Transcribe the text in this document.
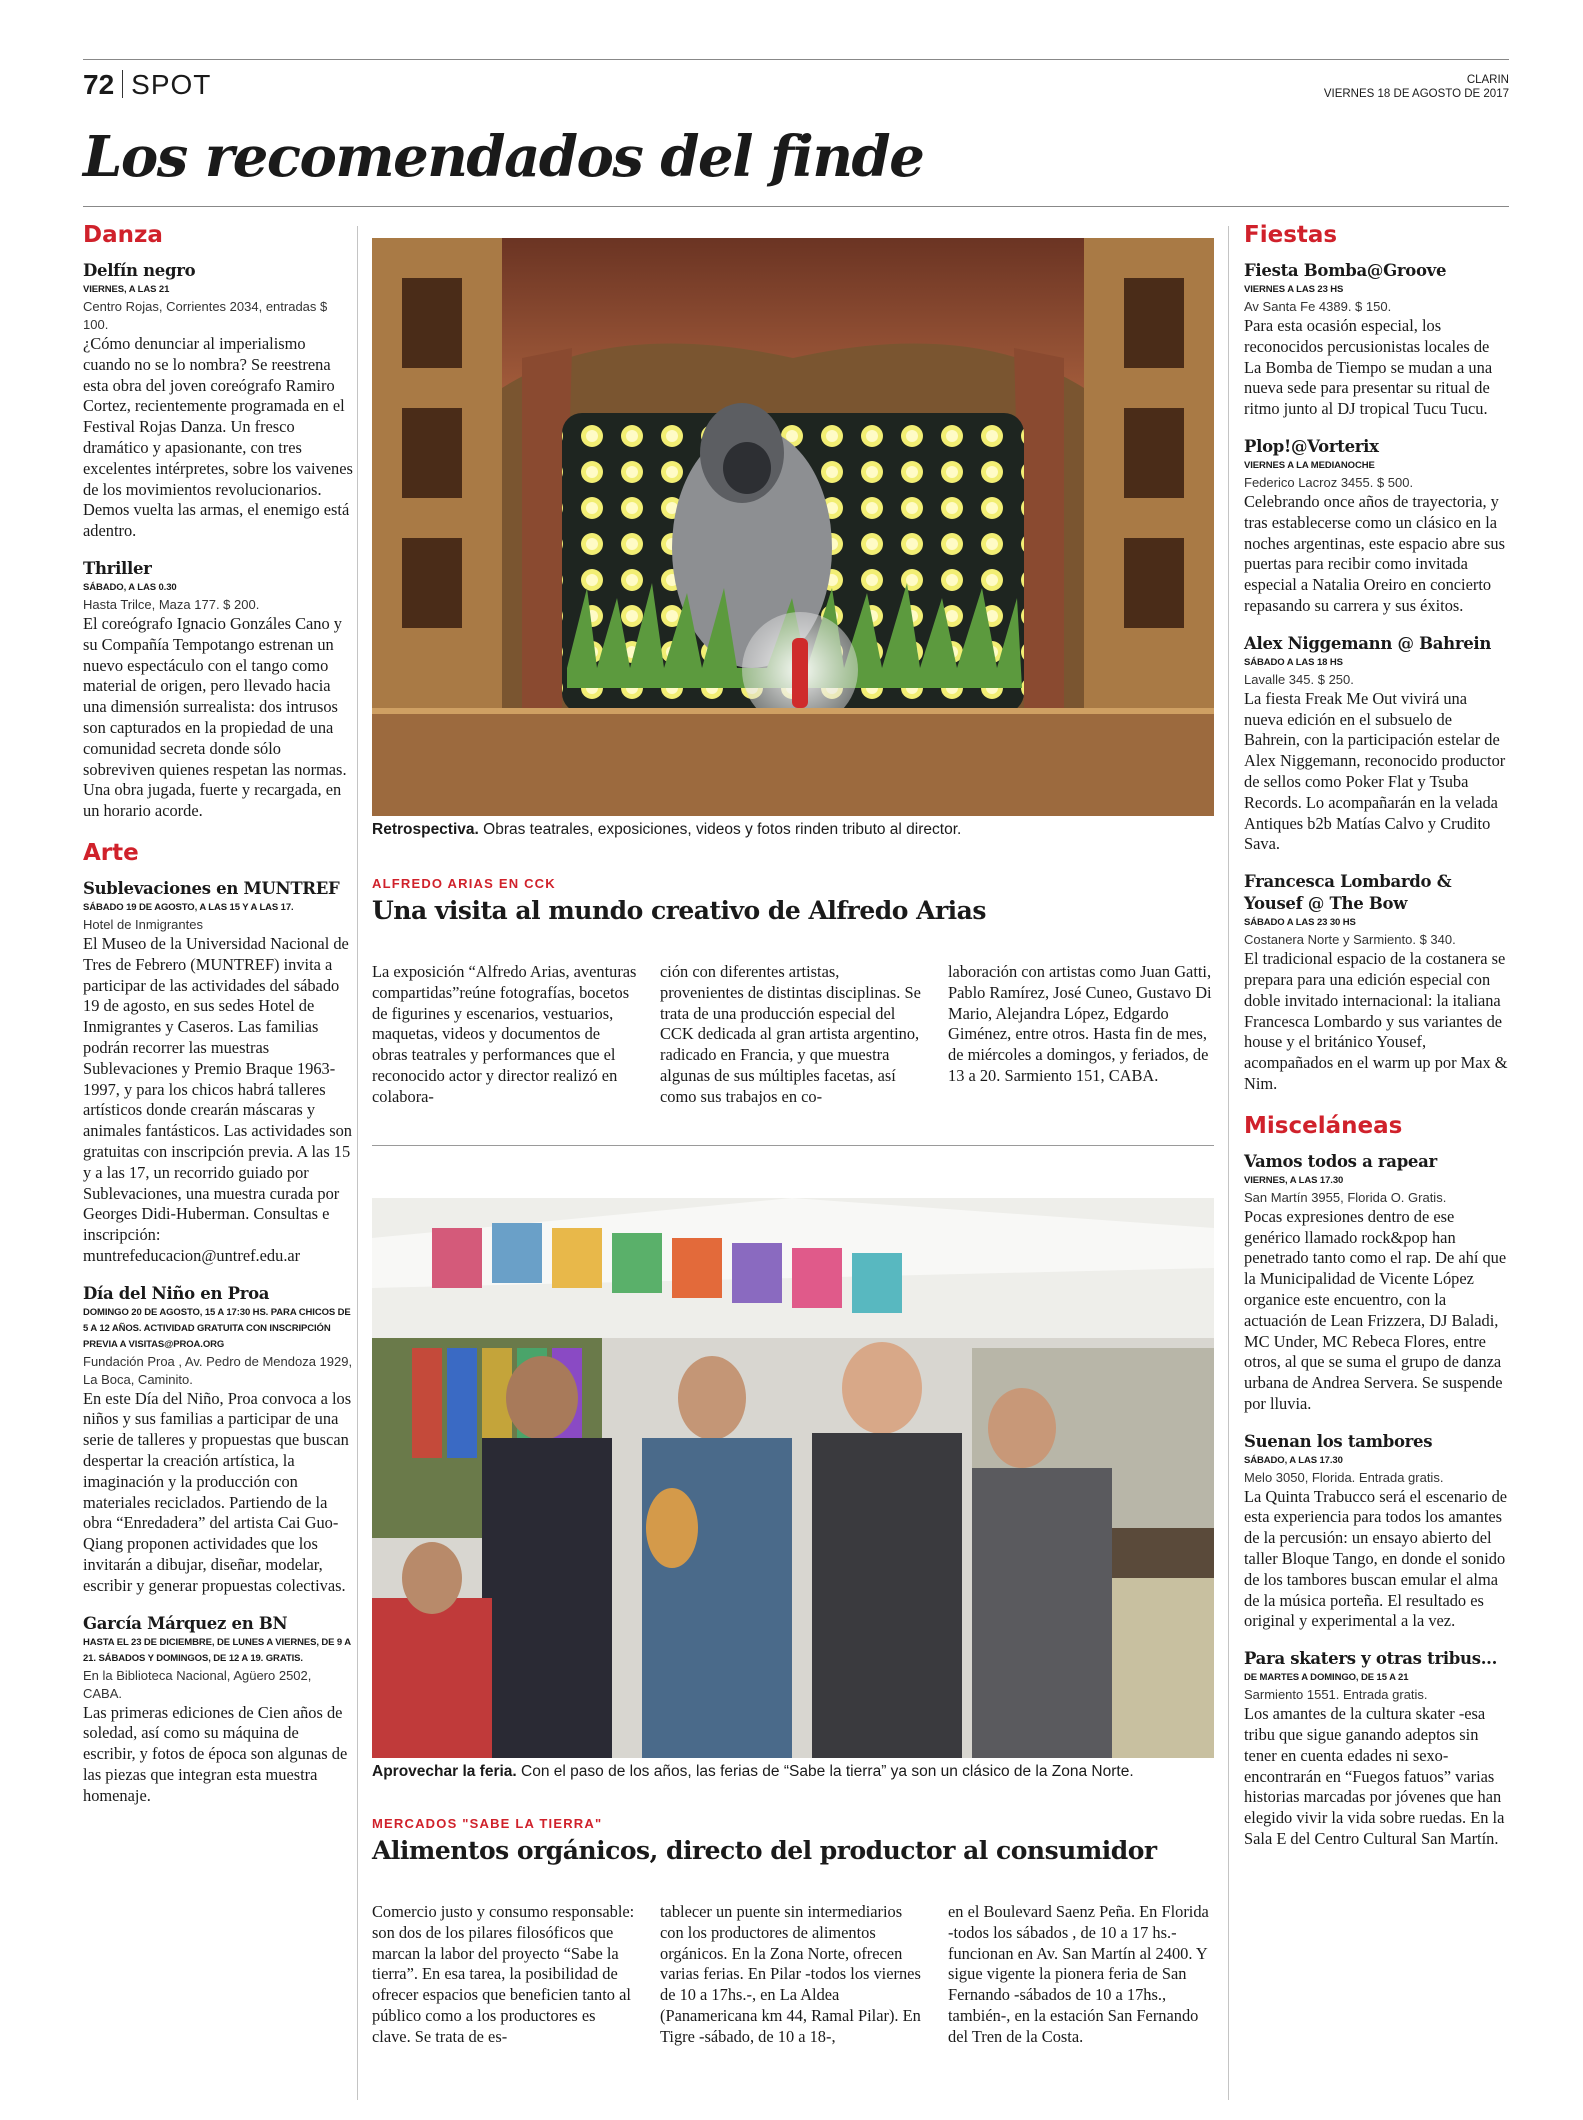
72 SPOT	CLARIN
VIERNES 18 DE AGOSTO DE 2017
Los recomendados del finde
Danza
Delfín negro
VIERNES, A LAS 21
Centro Rojas, Corrientes 2034, entradas $ 100.
¿Cómo denunciar al imperialismo cuando no se lo nombra? Se reestrena esta obra del joven coreógrafo Ramiro Cortez, recientemente programada en el Festival Rojas Danza. Un fresco dramático y apasionante, con tres excelentes intérpretes, sobre los vaivenes de los movimientos revolucionarios. Demos vuelta las armas, el enemigo está adentro.
Thriller
SÁBADO, A LAS 0.30
Hasta Trilce, Maza 177. $ 200.
El coreógrafo Ignacio Gonzáles Cano y su Compañía Tempotango estrenan un nuevo espectáculo con el tango como material de origen, pero llevado hacia una dimensión surrealista: dos intrusos son capturados en la propiedad de una comunidad secreta donde sólo sobreviven quienes respetan las normas. Una obra jugada, fuerte y recargada, en un horario acorde.
Arte
Sublevaciones en MUNTREF
SÁBADO 19 DE AGOSTO, A LAS 15 Y A LAS 17.
Hotel de Inmigrantes
El Museo de la Universidad Nacional de Tres de Febrero (MUNTREF) invita a participar de las actividades del sábado 19 de agosto, en sus sedes Hotel de Inmigrantes y Caseros. Las familias podrán recorrer las muestras Sublevaciones y Premio Braque 1963-1997, y para los chicos habrá talleres artísticos donde crearán máscaras y animales fantásticos. Las actividades son gratuitas con inscripción previa. A las 15 y a las 17, un recorrido guiado por Sublevaciones, una muestra curada por Georges Didi-Huberman. Consultas e inscripción: muntrefeducacion@untref.edu.ar
Día del Niño en Proa
DOMINGO 20 DE AGOSTO, 15 A 17:30 HS. PARA CHICOS DE 5 A 12 AÑOS. ACTIVIDAD GRATUITA CON INSCRIPCIÓN PREVIA A VISITAS@PROA.ORG
Fundación Proa , Av. Pedro de Mendoza 1929, La Boca, Caminito.
En este Día del Niño, Proa convoca a los niños y sus familias a participar de una serie de talleres y propuestas que buscan despertar la creación artística, la imaginación y la producción con materiales reciclados. Partiendo de la obra “Enredadera” del artista Cai Guo-Qiang proponen actividades que los invitarán a dibujar, diseñar, modelar, escribir y generar propuestas colectivas.
García Márquez en BN
HASTA EL 23 DE DICIEMBRE, DE LUNES A VIERNES, DE 9 A 21. SÁBADOS Y DOMINGOS, DE 12 A 19. GRATIS.
En la Biblioteca Nacional, Agüero 2502, CABA.
Las primeras ediciones de Cien años de soledad, así como su máquina de escribir, y fotos de época son algunas de las piezas que integran esta muestra homenaje.
Retrospectiva. Obras teatrales, exposiciones, videos y fotos rinden tributo al director.
ALFREDO ARIAS EN CCK
Una visita al mundo creativo de Alfredo Arias

La exposición “Alfredo Arias, aventuras compartidas”reúne fotografías, bocetos de figurines y escenarios, vestuarios, maquetas, videos y documentos de obras teatrales y performances que el reconocido actor y director realizó en colabora-

ción con diferentes artistas, provenientes de distintas disciplinas. Se trata de una producción especial del CCK dedicada al gran artista argentino, radicado en Francia, y que muestra algunas de sus múltiples facetas, así como sus trabajos en co-

laboración con artistas como Juan Gatti, Pablo Ramírez, José Cuneo, Gustavo Di Mario, Alejandra López, Edgardo Giménez, entre otros. Hasta fin de mes, de miércoles a domingos, y feriados, de 13 a 20. Sarmiento 151, CABA.

Aprovechar la feria. Con el paso de los años, las ferias de “Sabe la tierra” ya son un clásico de la Zona Norte.
MERCADOS "SABE LA TIERRA"
Alimentos orgánicos, directo del productor al consumidor

Comercio justo y consumo responsable: son dos de los pilares filosóficos que marcan la labor del proyecto “Sabe la tierra”. En esa tarea, la posibilidad de ofrecer espacios que beneficien tanto al público como a los productores es clave. Se trata de es-

tablecer un puente sin intermediarios con los productores de alimentos orgánicos. En la Zona Norte, ofrecen varias ferias. En Pilar -todos los viernes de 10 a 17hs.-, en La Aldea (Panamericana km 44, Ramal Pilar). En Tigre -sábado, de 10 a 18-,

en el Boulevard Saenz Peña. En Florida -todos los sábados , de 10 a 17 hs.- funcionan en Av. San Martín al 2400. Y sigue vigente la pionera feria de San Fernando -sábados de 10 a 17hs., también-, en la estación San Fernando del Tren de la Costa.

Fiestas
Fiesta Bomba@Groove
VIERNES A LAS 23 HS
Av Santa Fe 4389. $ 150.
Para esta ocasión especial, los reconocidos percusionistas locales de La Bomba de Tiempo se mudan a una nueva sede para presentar su ritual de ritmo junto al DJ tropical Tucu Tucu.
Plop!@Vorterix
VIERNES A LA MEDIANOCHE
Federico Lacroz 3455. $ 500.
Celebrando once años de trayectoria, y tras establecerse como un clásico en la noches argentinas, este espacio abre sus puertas para recibir como invitada especial a Natalia Oreiro en concierto repasando su carrera y sus éxitos.
Alex Niggemann @ Bahrein
SÁBADO A LAS 18 HS
Lavalle 345. $ 250.
La fiesta Freak Me Out vivirá una nueva edición en el subsuelo de Bahrein, con la participación estelar de Alex Niggemann, reconocido productor de sellos como Poker Flat y Tsuba Records. Lo acompañarán en la velada Antiques b2b Matías Calvo y Crudito Sava.
Francesca Lombardo & Yousef @ The Bow
SÁBADO A LAS 23 30 HS
Costanera Norte y Sarmiento. $ 340.
El tradicional espacio de la costanera se prepara para una edición especial con doble invitado internacional: la italiana Francesca Lombardo y sus variantes de house y el británico Yousef, acompañados en el warm up por Max & Nim.
Misceláneas
Vamos todos a rapear
VIERNES, A LAS 17.30
San Martín 3955, Florida O. Gratis.
Pocas expresiones dentro de ese genérico llamado rock&pop han penetrado tanto como el rap. De ahí que la Municipalidad de Vicente López organice este encuentro, con la actuación de Lean Frizzera, DJ Baladi, MC Under, MC Rebeca Flores, entre otros, al que se suma el grupo de danza urbana de Andrea Servera. Se suspende por lluvia.
Suenan los tambores
SÁBADO, A LAS 17.30
Melo 3050, Florida. Entrada gratis.
La Quinta Trabucco será el escenario de esta experiencia para todos los amantes de la percusión: un ensayo abierto del taller Bloque Tango, en donde el sonido de los tambores buscan emular el alma de la música porteña. El resultado es original y experimental a la vez.
Para skaters y otras tribus...
DE MARTES A DOMINGO, DE 15 A 21
Sarmiento 1551. Entrada gratis.
Los amantes de la cultura skater -esa tribu que sigue ganando adeptos sin tener en cuenta edades ni sexo- encontrarán en “Fuegos fatuos” varias historias marcadas por jóvenes que han elegido vivir la vida sobre ruedas. En la Sala E del Centro Cultural San Martín.
